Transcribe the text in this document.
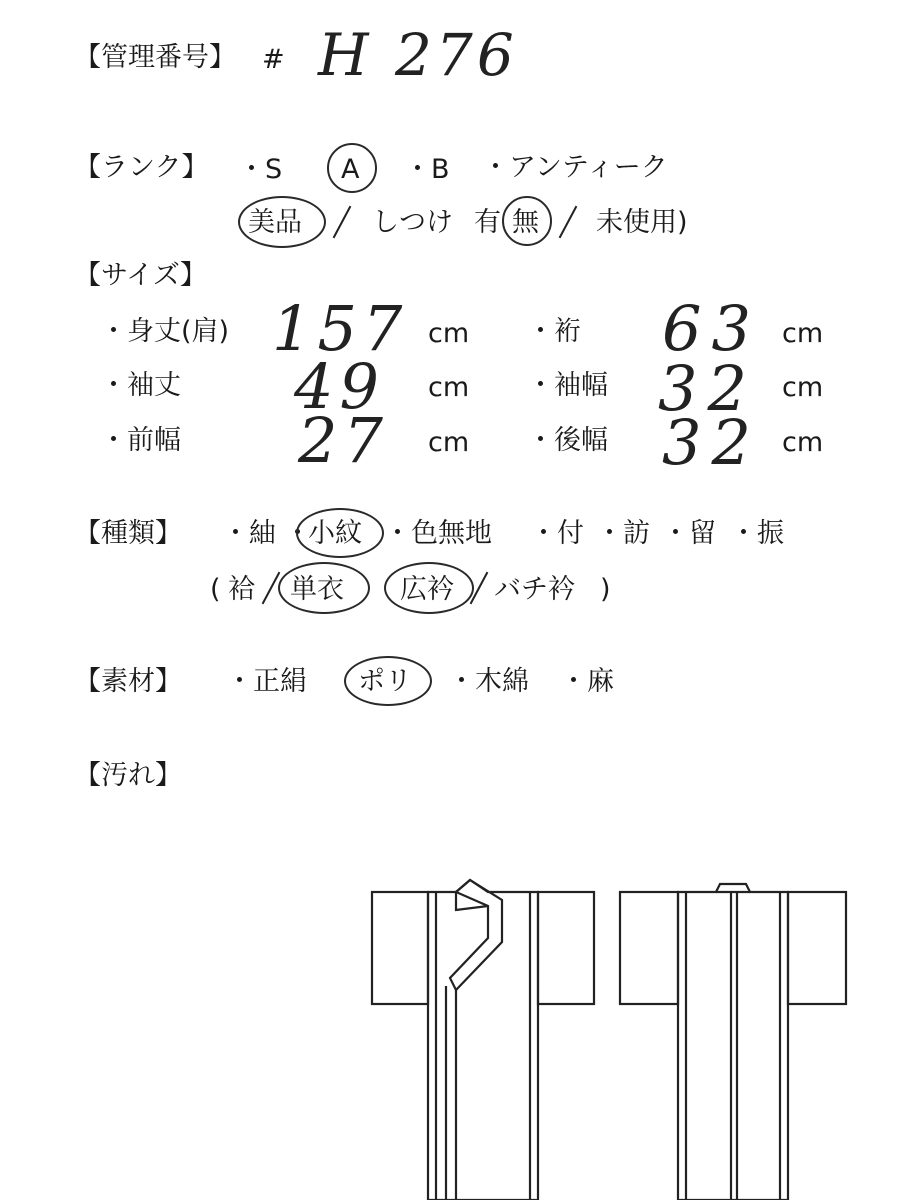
【管理番号】 # H 276
【ランク】 ・S A ・B ・アンティーク
美品	しつけ 有 無 未使用)
【サイズ】
・身丈(肩) 157 cm ・裄 63 cm
・袖丈 49 cm ・袖幅 32 cm
・前幅 27 cm ・後幅 32 cm
【種類】 ・紬 ・
小紋 ・色無地 ・付 ・訪 ・留 ・振
( 袷 単衣 広衿 バチ衿 )
【素材】 ・正絹 ポリ ・木綿 ・麻
【汚れ】
